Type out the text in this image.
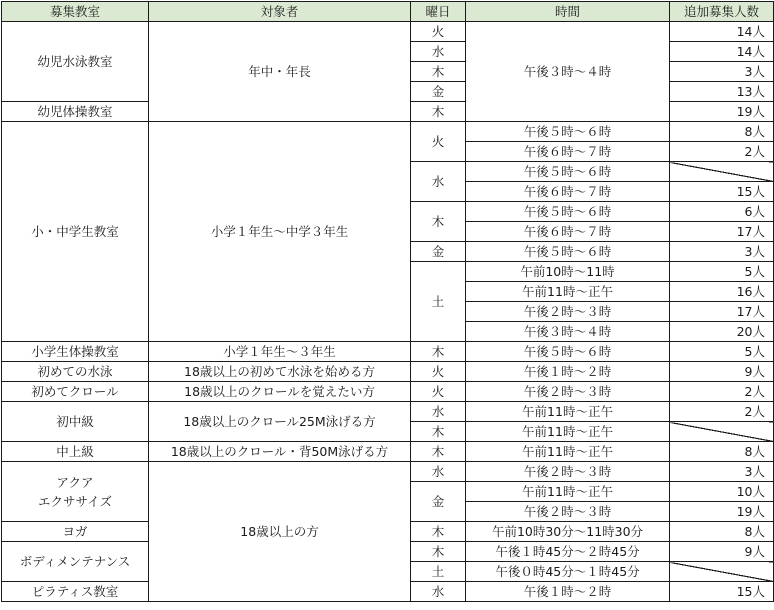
募集教室	対象者	曜日	時間	追加募集人数
幼児水泳教室	年中・年長	火	午後３時～４時	14人
		水		14人
		木		3人
		金		13人
幼児体操教室		木		19人
小・中学生教室	小学１年生～中学３年生	火	午後５時～６時	8人
			午後６時～７時	2人
		水	午後５時～６時	
			午後６時～７時	15人
		木	午後５時～６時	6人
			午後６時～７時	17人
		金	午後５時～６時	3人
		土	午前10時～11時	5人
			午前11時～正午	16人
			午後２時～３時	17人
			午後３時～４時	20人
小学生体操教室	小学１年生～３年生	木	午後５時～６時	5人
初めての水泳	18歳以上の初めて水泳を始める方	火	午後１時～２時	9人
初めてクロール	18歳以上のクロールを覚えたい方	火	午後２時～３時	2人
初中級	18歳以上のクロール25M泳げる方	水	午前11時～正午	2人
		木	午前11時～正午	
中上級	18歳以上のクロール・背50M泳げる方	木	午前11時～正午	8人
アクア
エクササイズ	18歳以上の方	水	午後２時～３時	3人
		金	午前11時～正午	10人
			午後２時～３時	19人
ヨガ		木	午前10時30分～11時30分	8人
ボディメンテナンス		木	午後１時45分～２時45分	9人
		土	午後０時45分～１時45分	
ピラティス教室		水	午後１時～２時	15人
